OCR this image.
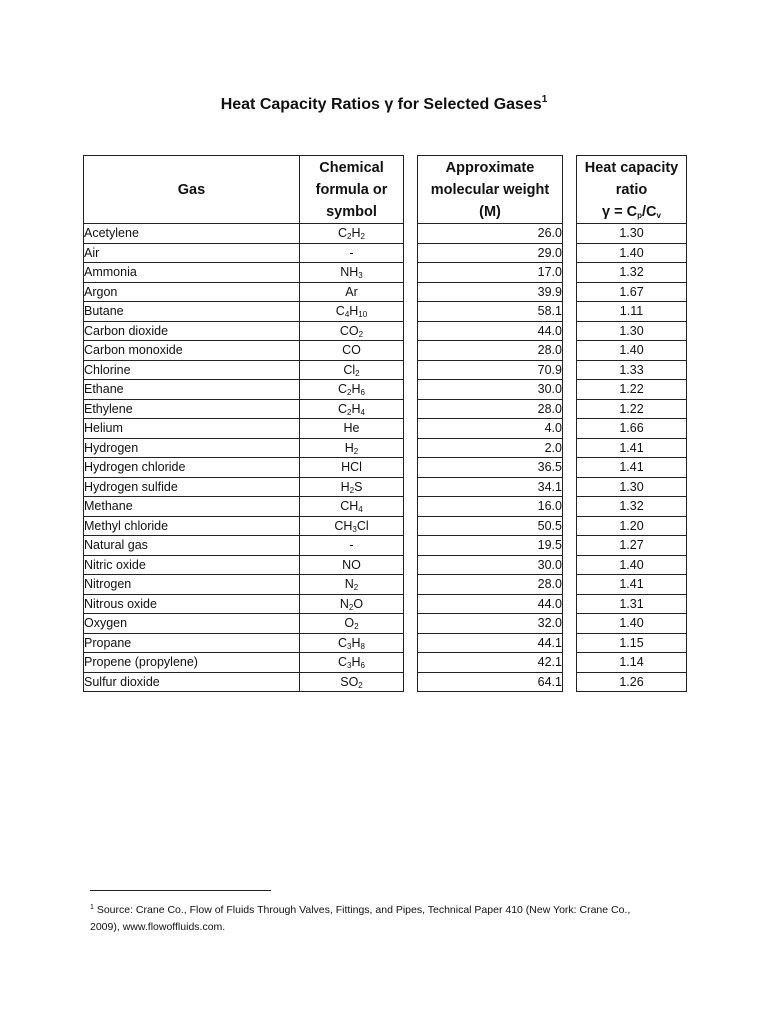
Heat Capacity Ratios γ for Selected Gases$^1$
Gas	Chemical
formula or
symbol		Approximate
molecular weight
(M)		Heat capacity
ratio
$\gamma = C_p/C_v$
Acetylene	$C_2H_2$		26.0		1.30
Air	-		29.0		1.40
Ammonia	$NH_3$		17.0		1.32
Argon	Ar		39.9		1.67
Butane	$C_4H_{10}$		58.1		1.11
Carbon dioxide	$CO_2$		44.0		1.30
Carbon monoxide	CO		28.0		1.40
Chlorine	$Cl_2$		70.9		1.33
Ethane	$C_2H_6$		30.0		1.22
Ethylene	$C_2H_4$		28.0		1.22
Helium	He		4.0		1.66
Hydrogen	$H_2$		2.0		1.41
Hydrogen chloride	HCl		36.5		1.41
Hydrogen sulfide	$H_2S$		34.1		1.30
Methane	$CH_4$		16.0		1.32
Methyl chloride	$CH_3Cl$		50.5		1.20
Natural gas	-		19.5		1.27
Nitric oxide	NO		30.0		1.40
Nitrogen	$N_2$		28.0		1.41
Nitrous oxide	$N_2O$		44.0		1.31
Oxygen	$O_2$		32.0		1.40
Propane	$C_3H_8$		44.1		1.15
Propene (propylene)	$C_3H_6$		42.1		1.14
Sulfur dioxide	$SO_2$		64.1		1.26
$^1$ Source: Crane Co., Flow of Fluids Through Valves, Fittings, and Pipes, Technical Paper 410 (New York: Crane Co.,
2009), www.flowoffluids.com.
